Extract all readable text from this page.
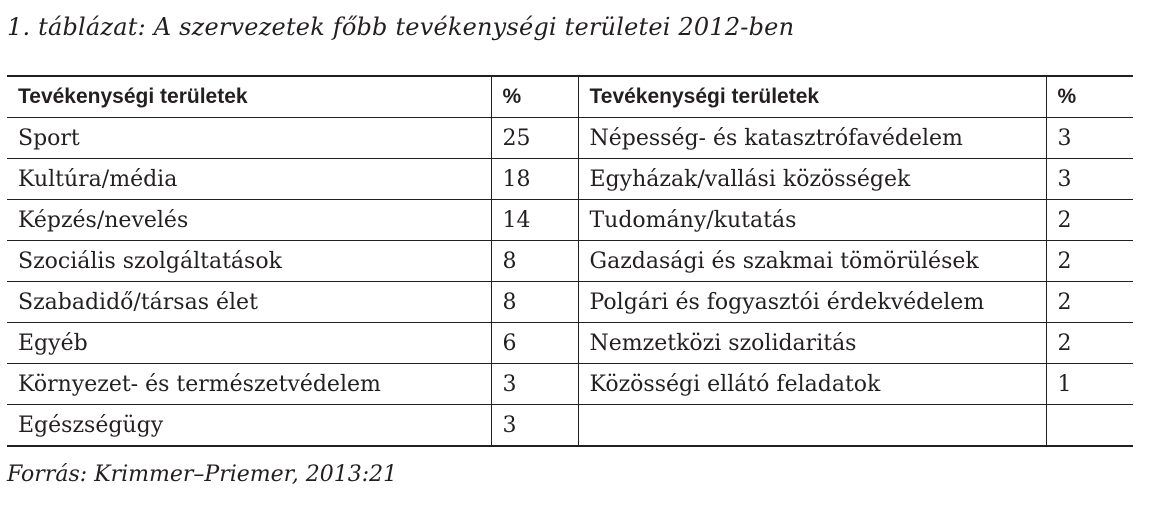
1. táblázat: A szervezetek főbb tevékenységi területei 2012-ben
Tevékenységi területek	%	Tevékenységi területek	%
Sport	25	Népesség- és katasztrófavédelem	3
Kultúra/média	18	Egyházak/vallási közösségek	3
Képzés/nevelés	14	Tudomány/kutatás	2
Szociális szolgáltatások	8	Gazdasági és szakmai tömörülések	2
Szabadidő/társas élet	8	Polgári és fogyasztói érdekvédelem	2
Egyéb	6	Nemzetközi szolidaritás	2
Környezet- és természetvédelem	3	Közösségi ellátó feladatok	1
Egészségügy	3		
Forrás: Krimmer–Priemer, 2013:21
